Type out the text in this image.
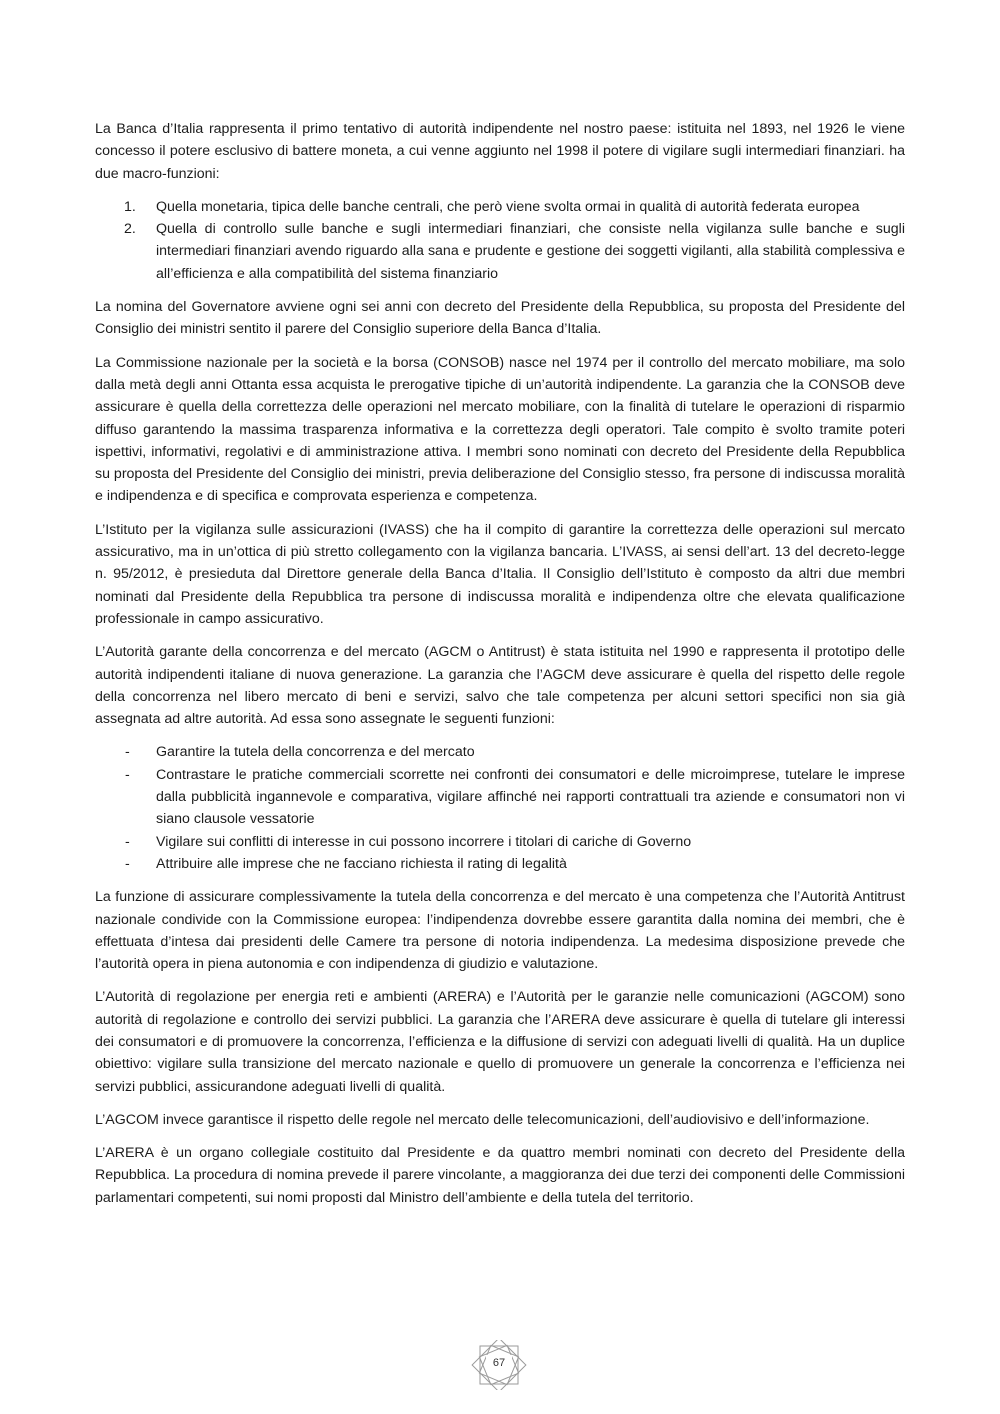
La Banca d’Italia rappresenta il primo tentativo di autorità indipendente nel nostro paese: istituita nel 1893, nel 1926 le viene concesso il potere esclusivo di battere moneta, a cui venne aggiunto nel 1998 il potere di vigilare sugli intermediari finanziari. ha due macro-funzioni:

1. Quella monetaria, tipica delle banche centrali, che però viene svolta ormai in qualità di autorità federata europea
2. Quella di controllo sulle banche e sugli intermediari finanziari, che consiste nella vigilanza sulle banche e sugli intermediari finanziari avendo riguardo alla sana e prudente e gestione dei soggetti vigilanti, alla stabilità complessiva e all’efficienza e alla compatibilità del sistema finanziario

La nomina del Governatore avviene ogni sei anni con decreto del Presidente della Repubblica, su proposta del Presidente del Consiglio dei ministri sentito il parere del Consiglio superiore della Banca d’Italia.

La Commissione nazionale per la società e la borsa (CONSOB) nasce nel 1974 per il controllo del mercato mobiliare, ma solo dalla metà degli anni Ottanta essa acquista le prerogative tipiche di un’autorità indipendente. La garanzia che la CONSOB deve assicurare è quella della correttezza delle operazioni nel mercato mobiliare, con la finalità di tutelare le operazioni di risparmio diffuso garantendo la massima trasparenza informativa e la correttezza degli operatori. Tale compito è svolto tramite poteri ispettivi, informativi, regolativi e di amministrazione attiva. I membri sono nominati con decreto del Presidente della Repubblica su proposta del Presidente del Consiglio dei ministri, previa deliberazione del Consiglio stesso, fra persone di indiscussa moralità e indipendenza e di specifica e comprovata esperienza e competenza.

L’Istituto per la vigilanza sulle assicurazioni (IVASS) che ha il compito di garantire la correttezza delle operazioni sul mercato assicurativo, ma in un’ottica di più stretto collegamento con la vigilanza bancaria. L’IVASS, ai sensi dell’art. 13 del decreto-legge n. 95/2012, è presieduta dal Direttore generale della Banca d’Italia. Il Consiglio dell’Istituto è composto da altri due membri nominati dal Presidente della Repubblica tra persone di indiscussa moralità e indipendenza oltre che elevata qualificazione professionale in campo assicurativo.

L’Autorità garante della concorrenza e del mercato (AGCM o Antitrust) è stata istituita nel 1990 e rappresenta il prototipo delle autorità indipendenti italiane di nuova generazione. La garanzia che l’AGCM deve assicurare è quella del rispetto delle regole della concorrenza nel libero mercato di beni e servizi, salvo che tale competenza per alcuni settori specifici non sia già assegnata ad altre autorità. Ad essa sono assegnate le seguenti funzioni:

- Garantire la tutela della concorrenza e del mercato
- Contrastare le pratiche commerciali scorrette nei confronti dei consumatori e delle microimprese, tutelare le imprese dalla pubblicità ingannevole e comparativa, vigilare affinché nei rapporti contrattuali tra aziende e consumatori non vi siano clausole vessatorie
- Vigilare sui conflitti di interesse in cui possono incorrere i titolari di cariche di Governo
- Attribuire alle imprese che ne facciano richiesta il rating di legalità

La funzione di assicurare complessivamente la tutela della concorrenza e del mercato è una competenza che l’Autorità Antitrust nazionale condivide con la Commissione europea: l’indipendenza dovrebbe essere garantita dalla nomina dei membri, che è effettuata d’intesa dai presidenti delle Camere tra persone di notoria indipendenza. La medesima disposizione prevede che l’autorità opera in piena autonomia e con indipendenza di giudizio e valutazione.

L’Autorità di regolazione per energia reti e ambienti (ARERA) e l’Autorità per le garanzie nelle comunicazioni (AGCOM) sono autorità di regolazione e controllo dei servizi pubblici. La garanzia che l’ARERA deve assicurare è quella di tutelare gli interessi dei consumatori e di promuovere la concorrenza, l’efficienza e la diffusione di servizi con adeguati livelli di qualità. Ha un duplice obiettivo: vigilare sulla transizione del mercato nazionale e quello di promuovere un generale la concorrenza e l’efficienza nei servizi pubblici, assicurandone adeguati livelli di qualità.

L’AGCOM invece garantisce il rispetto delle regole nel mercato delle telecomunicazioni, dell’audiovisivo e dell’informazione.

L’ARERA è un organo collegiale costituito dal Presidente e da quattro membri nominati con decreto del Presidente della Repubblica. La procedura di nomina prevede il parere vincolante, a maggioranza dei due terzi dei componenti delle Commissioni parlamentari competenti, sui nomi proposti dal Ministro dell’ambiente e della tutela del territorio.

67
